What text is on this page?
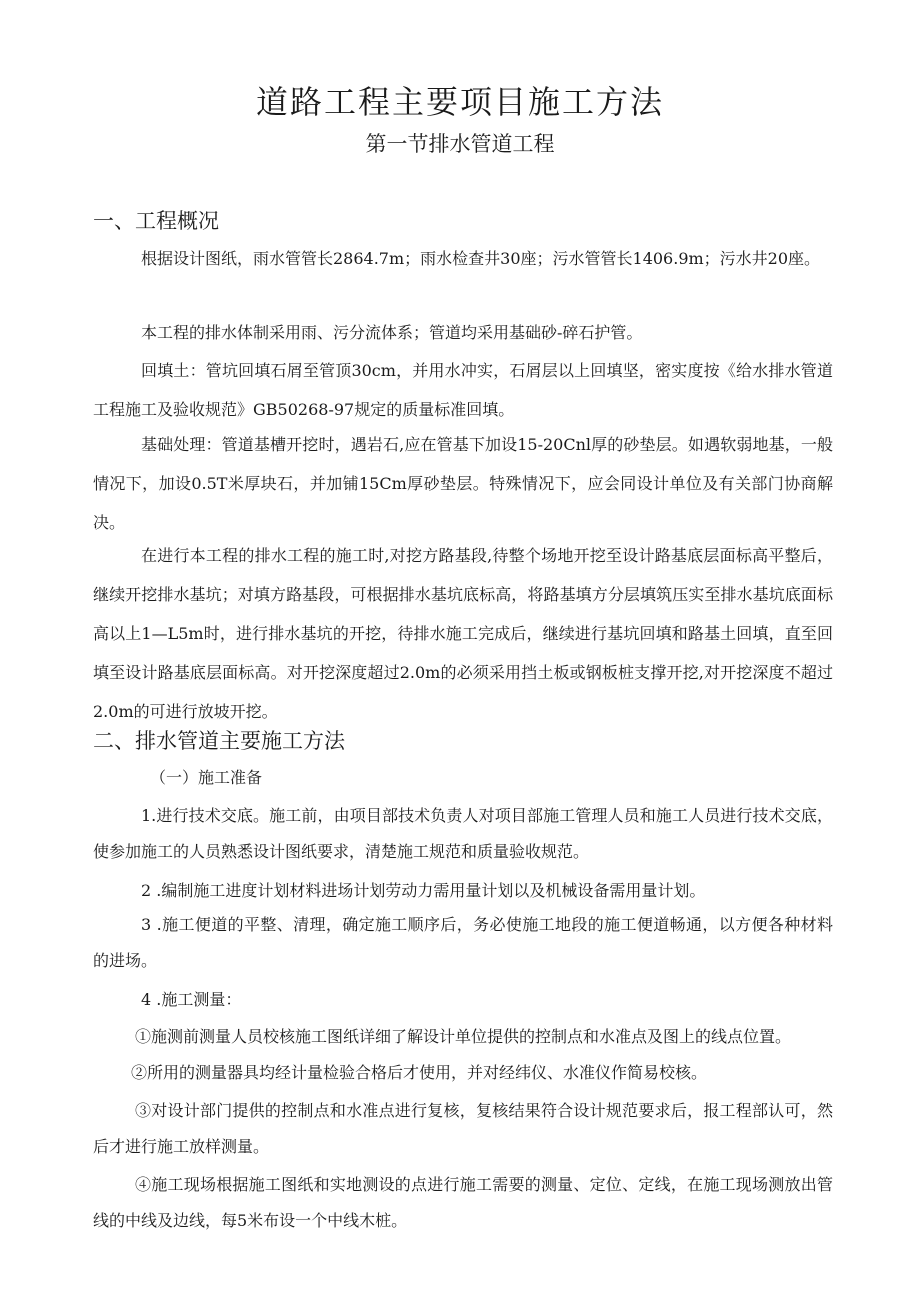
道路工程主要项目施工方法
第一节排水管道工程
一、工程概况
根据设计图纸，雨水管管长2864.7m；雨水检查井30座；污水管管长1406.9m；污水井20座。
本工程的排水体制采用雨、污分流体系；管道均采用基础砂-碎石护管。
回填土：管坑回填石屑至管顶30cm，并用水冲实，石屑层以上回填坚，密实度按《给水排水管道工程施工及验收规范》GB50268-97规定的质量标准回填。
基础处理：管道基槽开挖时，遇岩石,应在管基下加设15-20Cnl厚的砂垫层。如遇软弱地基，一般情况下，加设0.5T米厚块石，并加铺15Cm厚砂垫层。特殊情况下，应会同设计单位及有关部门协商解决。
在进行本工程的排水工程的施工时,对挖方路基段,待整个场地开挖至设计路基底层面标高平整后，继续开挖排水基坑；对填方路基段，可根据排水基坑底标高，将路基填方分层填筑压实至排水基坑底面标高以上1—L5m时，进行排水基坑的开挖，待排水施工完成后，继续进行基坑回填和路基土回填，直至回填至设计路基底层面标高。对开挖深度超过2.0m的必须采用挡土板或钢板桩支撑开挖,对开挖深度不超过2.0m的可进行放坡开挖。
二、排水管道主要施工方法
（一）施工准备
1.进行技术交底。施工前，由项目部技术负责人对项目部施工管理人员和施工人员进行技术交底，使参加施工的人员熟悉设计图纸要求，清楚施工规范和质量验收规范。
2 .编制施工进度计划材料进场计划劳动力需用量计划以及机械设备需用量计划。
3 .施工便道的平整、清理，确定施工顺序后，务必使施工地段的施工便道畅通，以方便各种材料的进场。
4 .施工测量：
①施测前测量人员校核施工图纸详细了解设计单位提供的控制点和水准点及图上的线点位置。
②所用的测量器具均经计量检验合格后才使用，并对经纬仪、水准仪作简易校核。
③对设计部门提供的控制点和水准点进行复核，复核结果符合设计规范要求后，报工程部认可，然后才进行施工放样测量。
④施工现场根据施工图纸和实地测设的点进行施工需要的测量、定位、定线，在施工现场测放出管线的中线及边线，每5米布设一个中线木桩。
